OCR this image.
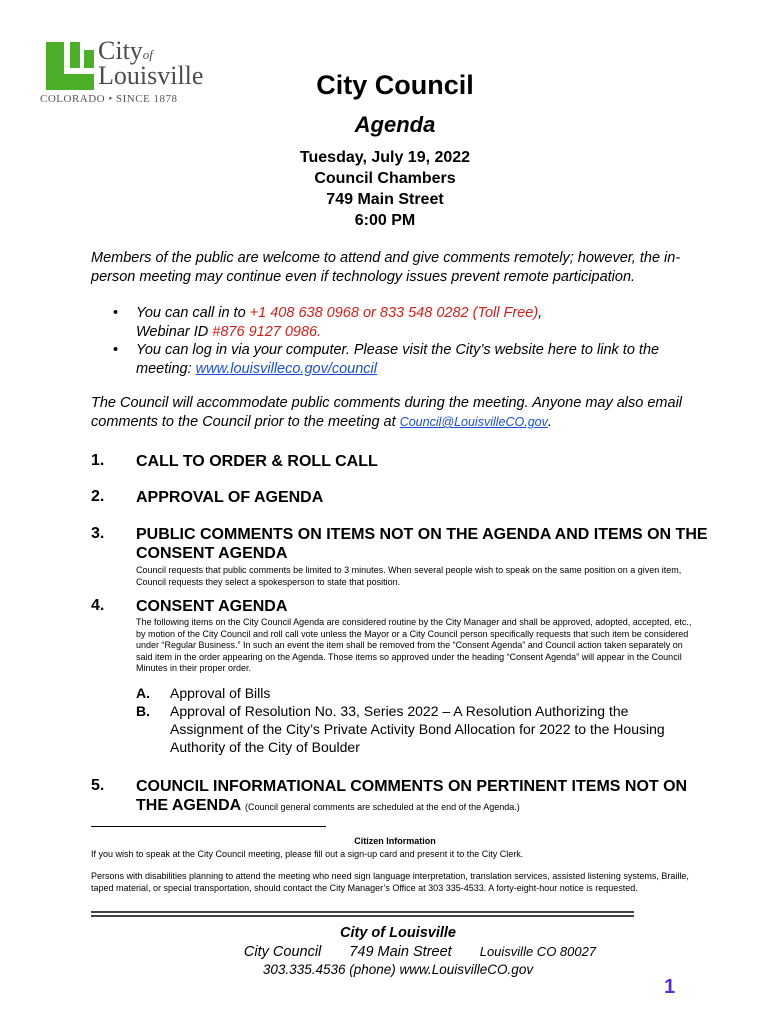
Cityof
Louisville
COLORADO • SINCE 1878	City Council
Agenda
Tuesday, July 19, 2022
Council Chambers
749 Main Street
6:00 PM
Members of the public are welcome to attend and give comments remotely; however, the in-person meeting may continue even if technology issues prevent remote participation.
• You can call in to +1 408 638 0968 or 833 548 0282 (Toll Free),
Webinar ID #876 9127 0986.
• You can log in via your computer. Please visit the City’s website here to link to the meeting: www.louisvilleco.gov/council
The Council will accommodate public comments during the meeting. Anyone may also email comments to the Council prior to the meeting at Council@LouisvilleCO.gov.
1. CALL TO ORDER & ROLL CALL
2. APPROVAL OF AGENDA
3. PUBLIC COMMENTS ON ITEMS NOT ON THE AGENDA AND ITEMS ON THE CONSENT AGENDA
Council requests that public comments be limited to 3 minutes. When several people wish to speak on the same position on a given item, Council requests they select a spokesperson to state that position.
4. CONSENT AGENDA
The following items on the City Council Agenda are considered routine by the City Manager and shall be approved, adopted, accepted, etc., by motion of the City Council and roll call vote unless the Mayor or a City Council person specifically requests that such item be considered under “Regular Business.” In such an event the item shall be removed from the “Consent Agenda” and Council action taken separately on said item in the order appearing on the Agenda. Those items so approved under the heading “Consent Agenda” will appear in the Council Minutes in their proper order.
A. Approval of Bills
B. Approval of Resolution No. 33, Series 2022 – A Resolution Authorizing the Assignment of the City’s Private Activity Bond Allocation for 2022 to the Housing Authority of the City of Boulder
5. COUNCIL INFORMATIONAL COMMENTS ON PERTINENT ITEMS NOT ON THE AGENDA (Council general comments are scheduled at the end of the Agenda.)
Citizen Information
If you wish to speak at the City Council meeting, please fill out a sign-up card and present it to the City Clerk.
Persons with disabilities planning to attend the meeting who need sign language interpretation, translation services, assisted listening systems, Braille, taped material, or special transportation, should contact the City Manager’s Office at 303 335-4533. A forty-eight-hour notice is requested.
City of Louisville
City Council 749 Main Street Louisville CO 80027
303.335.4536 (phone) www.LouisvilleCO.gov
1
